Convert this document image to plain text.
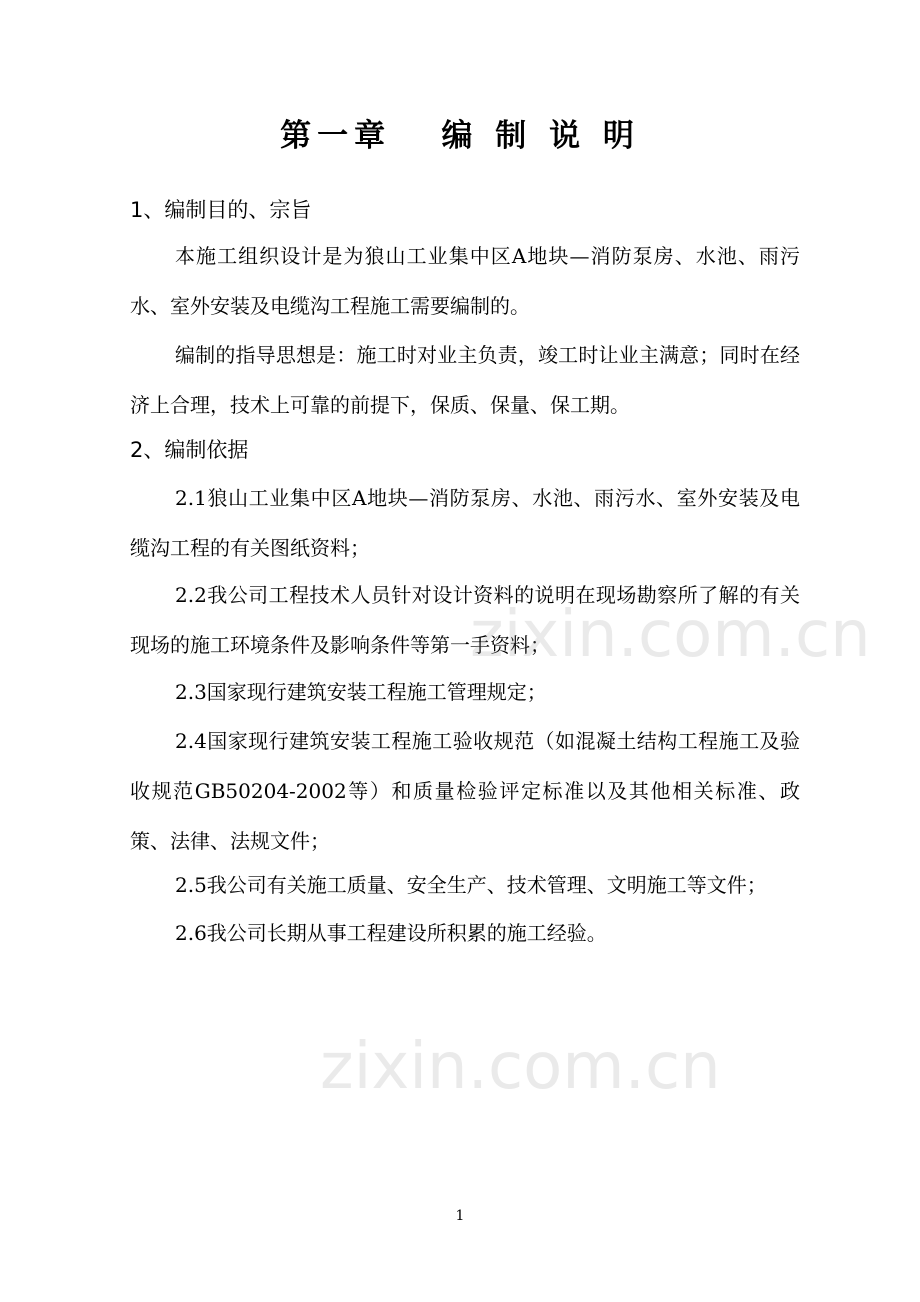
第一章   编 制 说 明
1、编制目的、宗旨
本施工组织设计是为狼山工业集中区A地块—消防泵房、水池、雨污水、室外安装及电缆沟工程施工需要编制的。
编制的指导思想是：施工时对业主负责，竣工时让业主满意；同时在经济上合理，技术上可靠的前提下，保质、保量、保工期。
2、编制依据
2.1狼山工业集中区A地块—消防泵房、水池、雨污水、室外安装及电缆沟工程的有关图纸资料；
2.2我公司工程技术人员针对设计资料的说明在现场勘察所了解的有关现场的施工环境条件及影响条件等第一手资料；
2.3国家现行建筑安装工程施工管理规定；
2.4国家现行建筑安装工程施工验收规范（如混凝土结构工程施工及验收规范GB50204-2002等）和质量检验评定标准以及其他相关标准、政策、法律、法规文件；
2.5我公司有关施工质量、安全生产、技术管理、文明施工等文件；
2.6我公司长期从事工程建设所积累的施工经验。
zixin.com.cn
zixin.com.cn
1
